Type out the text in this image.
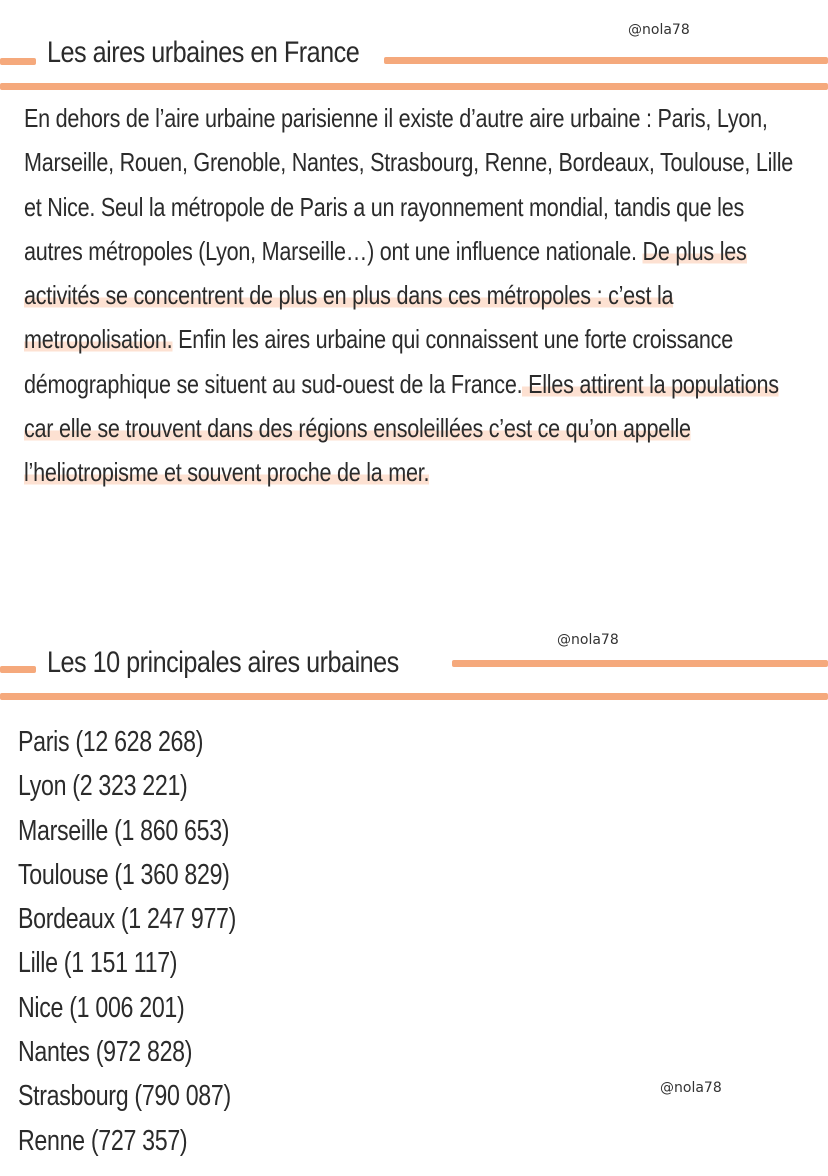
@nola78
Les aires urbaines en France
En dehors de l’aire urbaine parisienne il existe d’autre aire urbaine : Paris, Lyon, Marseille, Rouen, Grenoble, Nantes, Strasbourg, Renne, Bordeaux, Toulouse, Lille et Nice. Seul la métropole de Paris a un rayonnement mondial, tandis que les autres métropoles (Lyon, Marseille…) ont une influence nationale. De plus les activités se concentrent de plus en plus dans ces métropoles : c’est la metropolisation. Enfin les aires urbaine qui connaissent une forte croissance démographique se situent au sud-ouest de la France. Elles attirent la populations car elle se trouvent dans des régions ensoleillées c’est ce qu’on appelle l’heliotropisme et souvent proche de la mer.
@nola78
Les 10 principales aires urbaines
Paris (12 628 268)
Lyon (2 323 221)
Marseille (1 860 653)
Toulouse (1 360 829)
Bordeaux (1 247 977)
Lille (1 151 117)
Nice (1 006 201)
Nantes (972 828)
Strasbourg (790 087)
Renne (727 357)
@nola78
